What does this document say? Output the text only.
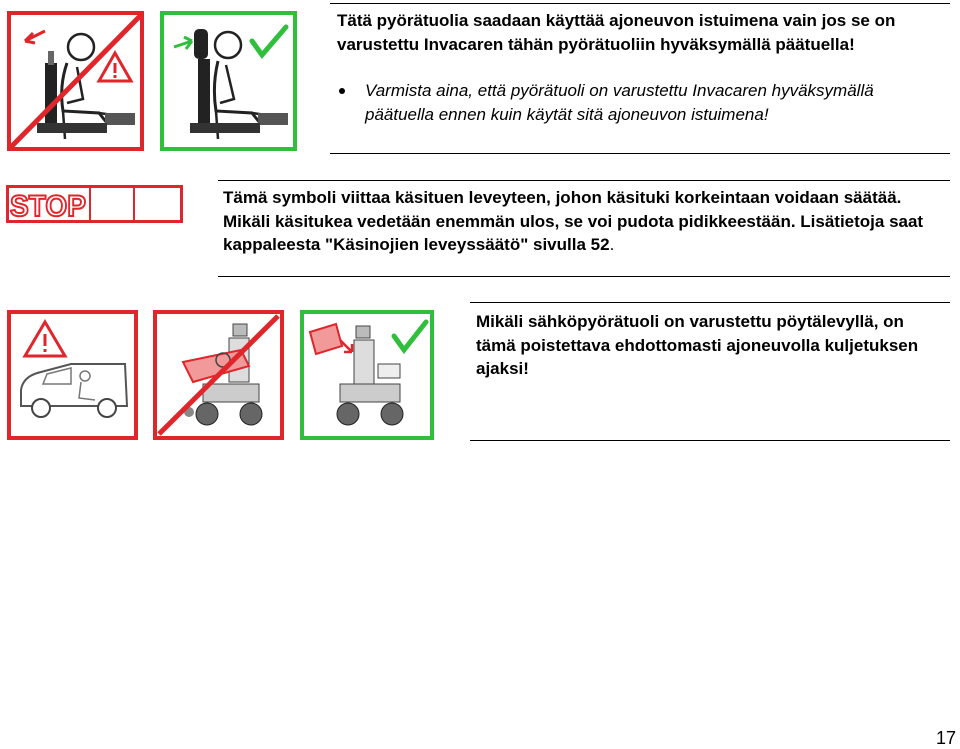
Tätä pyörätuolia saadaan käyttää ajoneuvon istuimena vain jos se on varustettu Invacaren tähän pyörätuoliin hyväksymällä päätuella!
Varmista aina, että pyörätuoli on varustettu Invacaren hyväksymällä päätuella ennen kuin käytät sitä ajoneuvon istuimena!
STOP	Tämä symboli viittaa käsituen leveyteen, johon käsituki korkeintaan voidaan säätää. Mikäli käsitukea vedetään enemmän ulos, se voi pudota pidikkeestään. Lisätietoja saat kappaleesta "Käsinojien leveyssäätö" sivulla 52.
Mikäli sähköpyörätuoli on varustettu pöytälevyllä, on tämä poistettava ehdottomasti ajoneuvolla kuljetuksen ajaksi!
17
